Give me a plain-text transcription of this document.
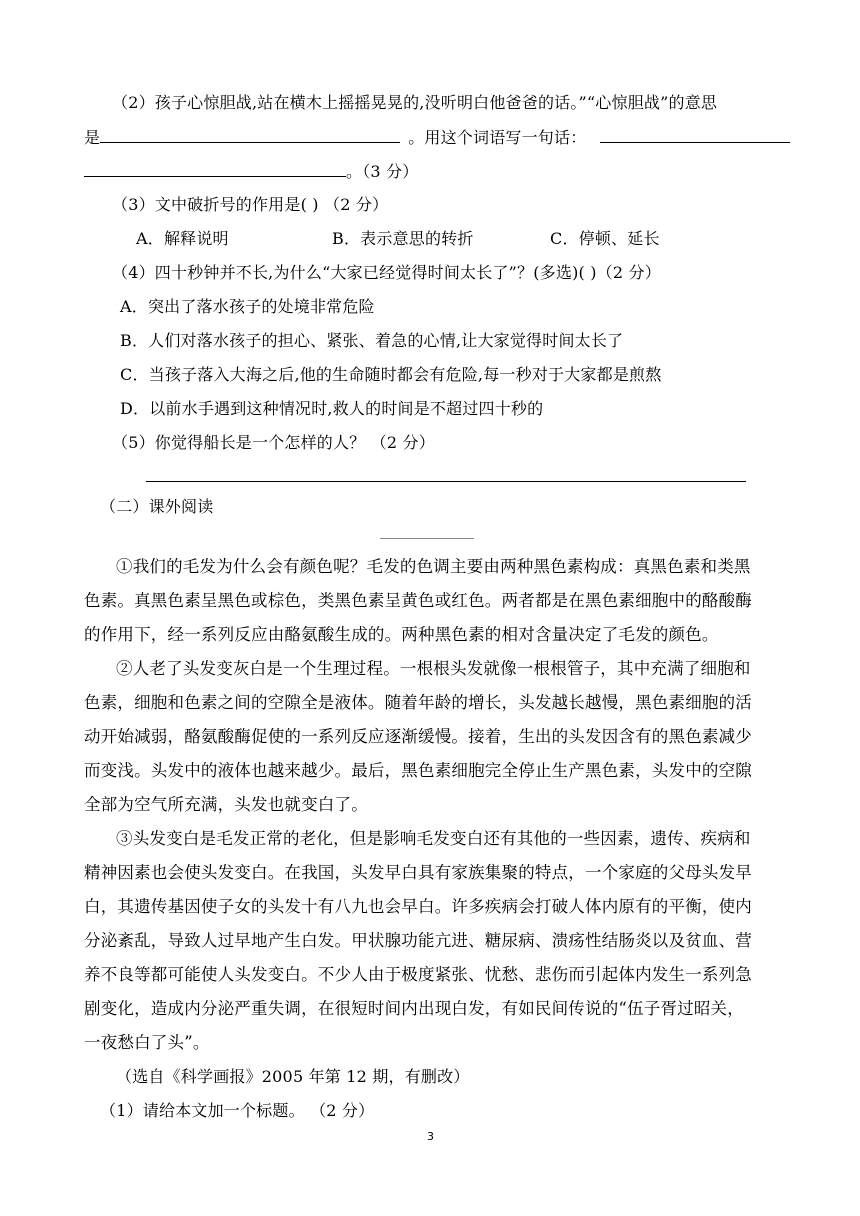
（2）孩子心惊胆战,站在横木上摇摇晃晃的,没听明白他爸爸的话。”“心惊胆战”的意思
是	。用这个词语写一句话：
。（3 分）
（3）文中破折号的作用是( ) （2 分）
A．解释说明	B．表示意思的转折	C．停顿、延长
（4）四十秒钟并不长,为什么“大家已经觉得时间太长了”？(多选)( )（2 分）
A．突出了落水孩子的处境非常危险
B．人们对落水孩子的担心、紧张、着急的心情,让大家觉得时间太长了
C．当孩子落入大海之后,他的生命随时都会有危险,每一秒对于大家都是煎熬
D．以前水手遇到这种情况时,救人的时间是不超过四十秒的
（5）你觉得船长是一个怎样的人？ （2 分）
（二）课外阅读
①我们的毛发为什么会有颜色呢？毛发的色调主要由两种黑色素构成：真黑色素和类黑
色素。真黑色素呈黑色或棕色，类黑色素呈黄色或红色。两者都是在黑色素细胞中的酪酸酶
的作用下，经一系列反应由酪氨酸生成的。两种黑色素的相对含量决定了毛发的颜色。
②人老了头发变灰白是一个生理过程。一根根头发就像一根根管子，其中充满了细胞和
色素，细胞和色素之间的空隙全是液体。随着年龄的增长，头发越长越慢，黑色素细胞的活
动开始减弱，酪氨酸酶促使的一系列反应逐渐缓慢。接着，生出的头发因含有的黑色素减少
而变浅。头发中的液体也越来越少。最后，黑色素细胞完全停止生产黑色素，头发中的空隙
全部为空气所充满，头发也就变白了。
③头发变白是毛发正常的老化，但是影响毛发变白还有其他的一些因素，遗传、疾病和
精神因素也会使头发变白。在我国，头发早白具有家族集聚的特点，一个家庭的父母头发早
白，其遗传基因使子女的头发十有八九也会早白。许多疾病会打破人体内原有的平衡，使内
分泌紊乱，导致人过早地产生白发。甲状腺功能亢进、糖尿病、溃疡性结肠炎以及贫血、营
养不良等都可能使人头发变白。不少人由于极度紧张、忧愁、悲伤而引起体内发生一系列急
剧变化，造成内分泌严重失调，在很短时间内出现白发，有如民间传说的“伍子胥过昭关，
一夜愁白了头”。
（选自《科学画报》2005 年第 12 期，有删改）
（1）请给本文加一个标题。 （2 分）
3
